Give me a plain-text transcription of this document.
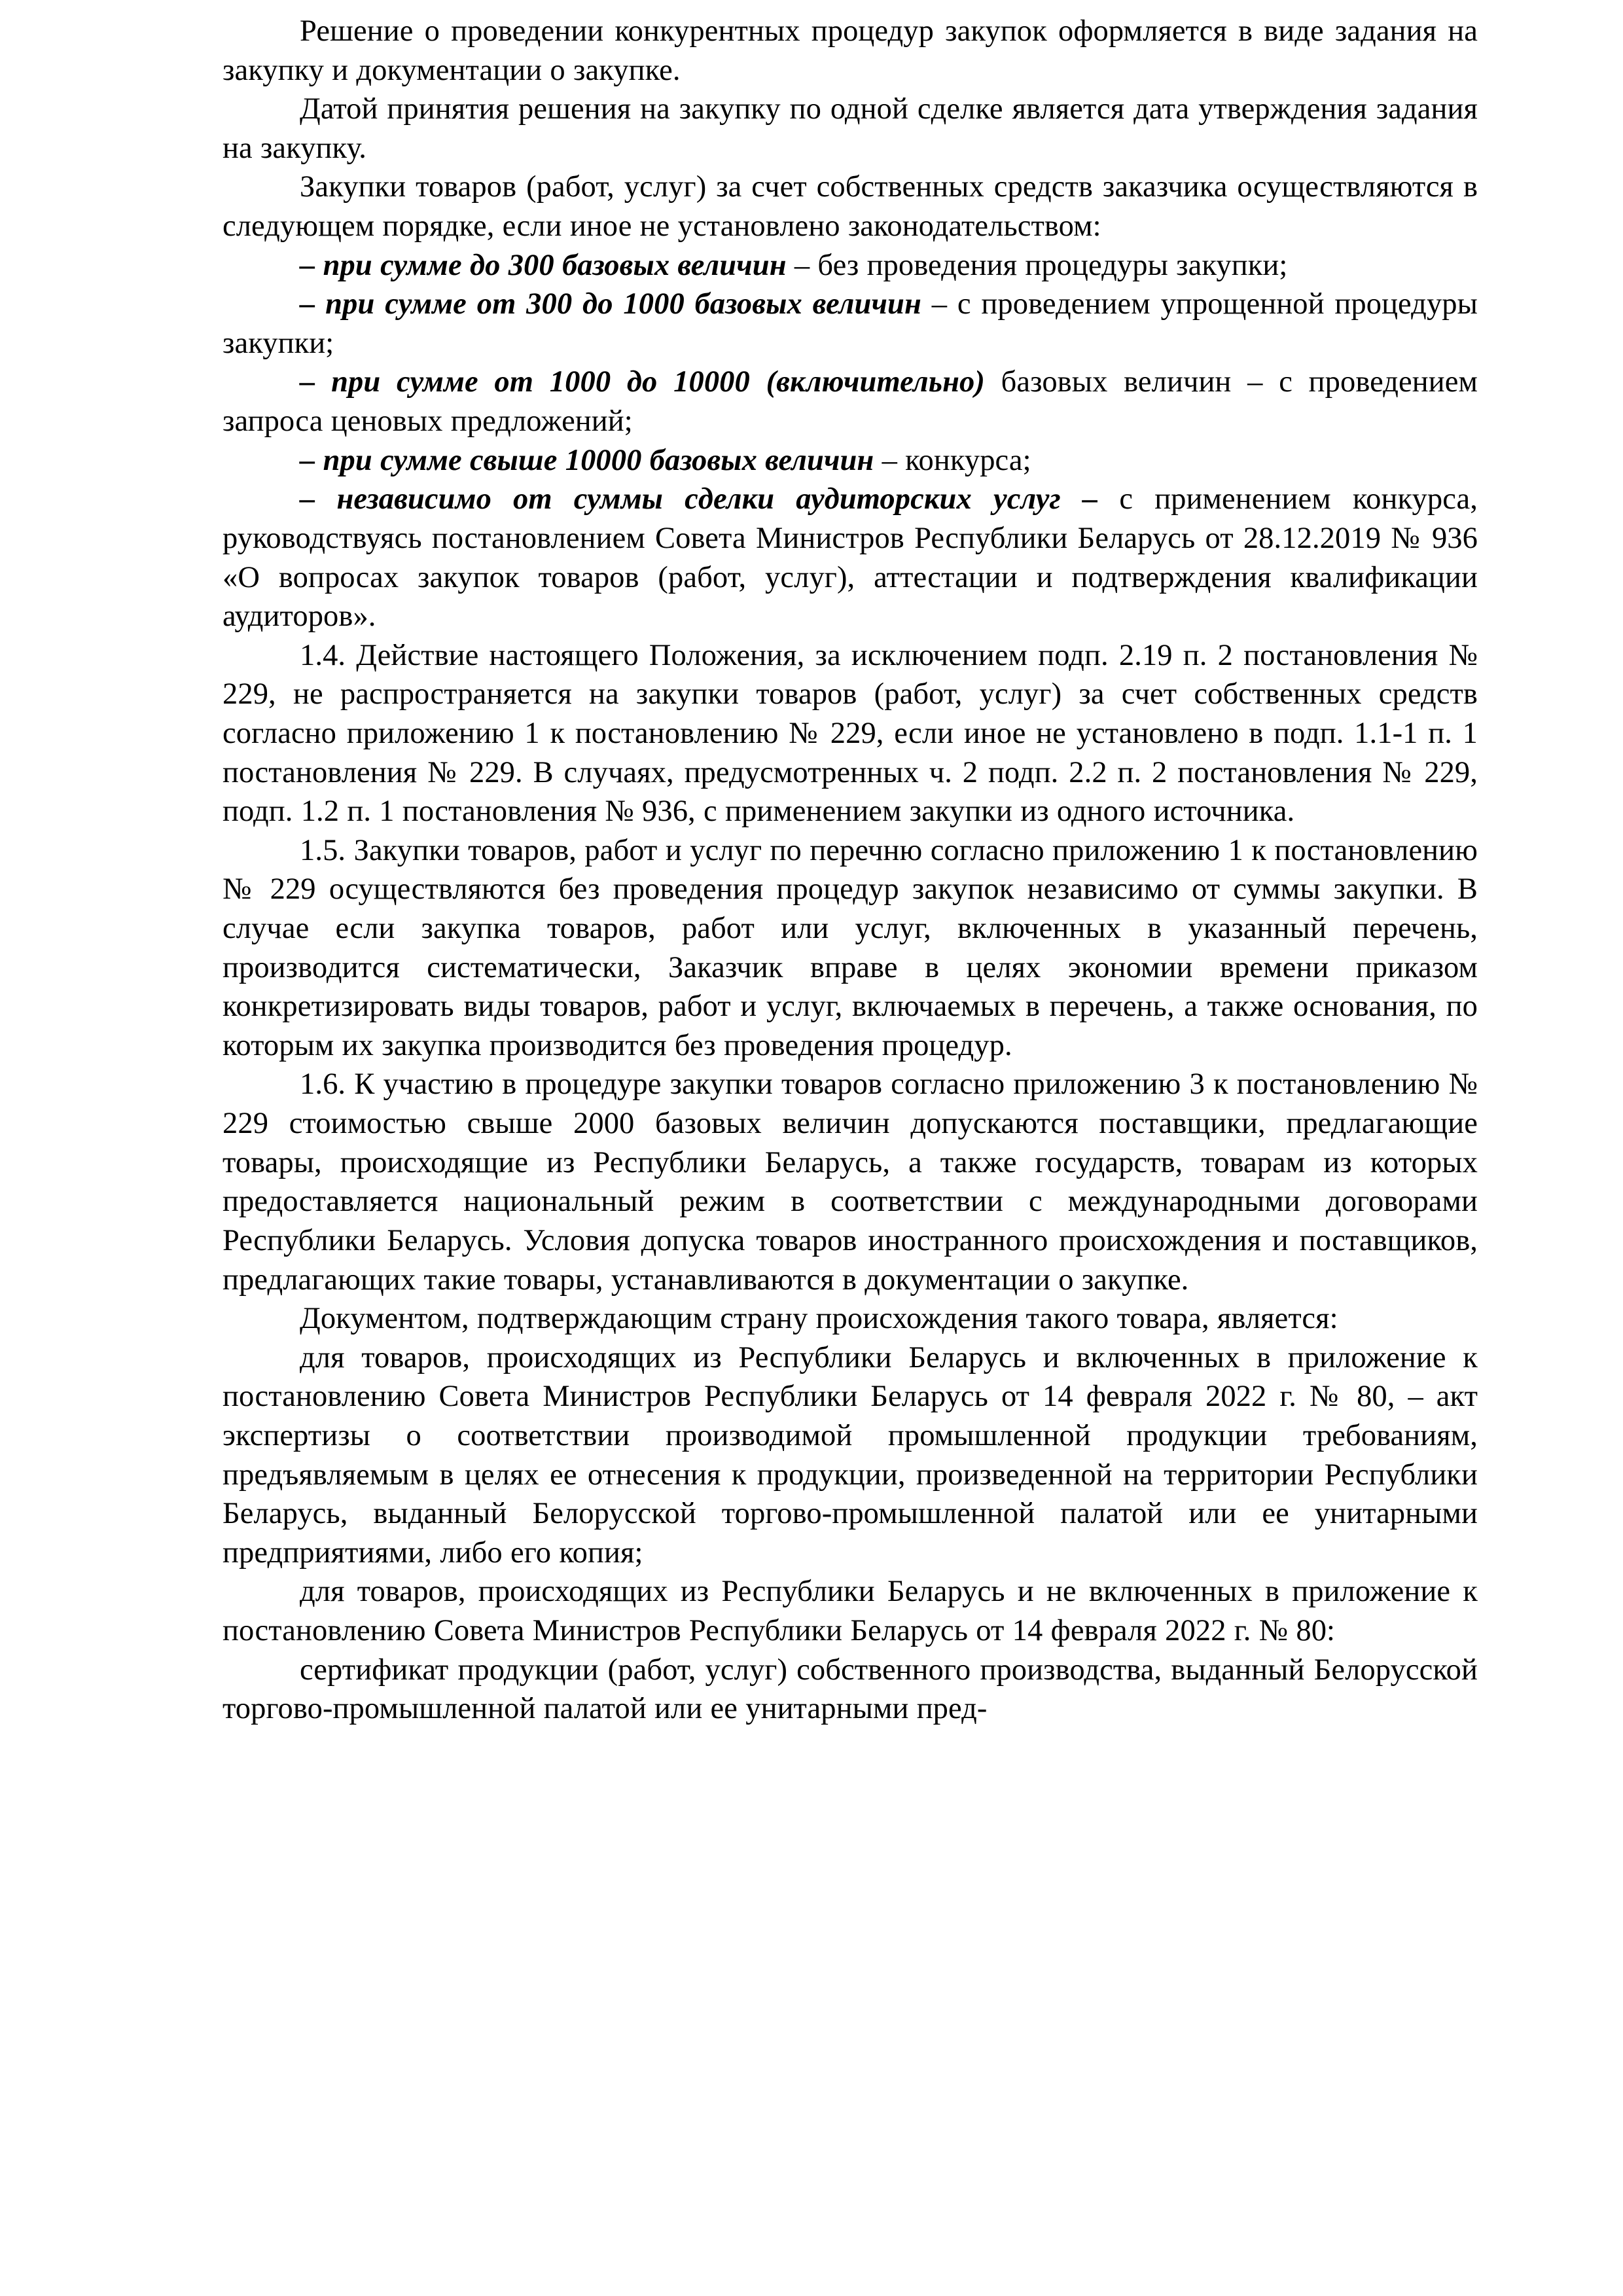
Решение о проведении конкурентных процедур закупок оформляется в виде задания на закупку и документации о закупке.

Датой принятия решения на закупку по одной сделке является дата утверждения задания на закупку.

Закупки товаров (работ, услуг) за счет собственных средств заказчика осуществляются в следующем порядке, если иное не установлено законодательством:

– при сумме до 300 базовых величин – без проведения процедуры закупки;

– при сумме от 300 до 1000 базовых величин – с проведением упрощенной процедуры закупки;

– при сумме от 1000 до 10000 (включительно) базовых величин – с проведением запроса ценовых предложений;

– при сумме свыше 10000 базовых величин – конкурса;

– независимо от суммы сделки аудиторских услуг – с применением конкурса, руководствуясь постановлением Совета Министров Республики Беларусь от 28.12.2019 № 936 «О вопросах закупок товаров (работ, услуг), аттестации и подтверждения квалификации аудиторов».

1.4. Действие настоящего Положения, за исключением подп. 2.19 п. 2 постановления № 229, не распространяется на закупки товаров (работ, услуг) за счет собственных средств согласно приложению 1 к постановлению № 229, если иное не установлено в подп. 1.1-1 п. 1 постановления № 229. В случаях, предусмотренных ч. 2 подп. 2.2 п. 2 постановления № 229, подп. 1.2 п. 1 постановления № 936, с применением закупки из одного источника.

1.5. Закупки товаров, работ и услуг по перечню согласно приложению 1 к постановлению № 229 осуществляются без проведения процедур закупок независимо от суммы закупки. В случае если закупка товаров, работ или услуг, включенных в указанный перечень, производится систематически, Заказчик вправе в целях экономии времени приказом конкретизировать виды товаров, работ и услуг, включаемых в перечень, а также основания, по которым их закупка производится без проведения процедур.

1.6. К участию в процедуре закупки товаров согласно приложению 3 к постановлению № 229 стоимостью свыше 2000 базовых величин допускаются поставщики, предлагающие товары, происходящие из Республики Беларусь, а также государств, товарам из которых предоставляется национальный режим в соответствии с международными договорами Республики Беларусь. Условия допуска товаров иностранного происхождения и поставщиков, предлагающих такие товары, устанавливаются в документации о закупке.

Документом, подтверждающим страну происхождения такого товара, является:

для товаров, происходящих из Республики Беларусь и включенных в приложение к постановлению Совета Министров Республики Беларусь от 14 февраля 2022 г. № 80, – акт экспертизы о соответствии производимой промышленной продукции требованиям, предъявляемым в целях ее отнесения к продукции, произведенной на территории Республики Беларусь, выданный Белорусской торгово-промышленной палатой или ее унитарными предприятиями, либо его копия;

для товаров, происходящих из Республики Беларусь и не включенных в приложение к постановлению Совета Министров Республики Беларусь от 14 февраля 2022 г. № 80:

сертификат продукции (работ, услуг) собственного производства, выданный Белорусской торгово-промышленной палатой или ее унитарными пред-
